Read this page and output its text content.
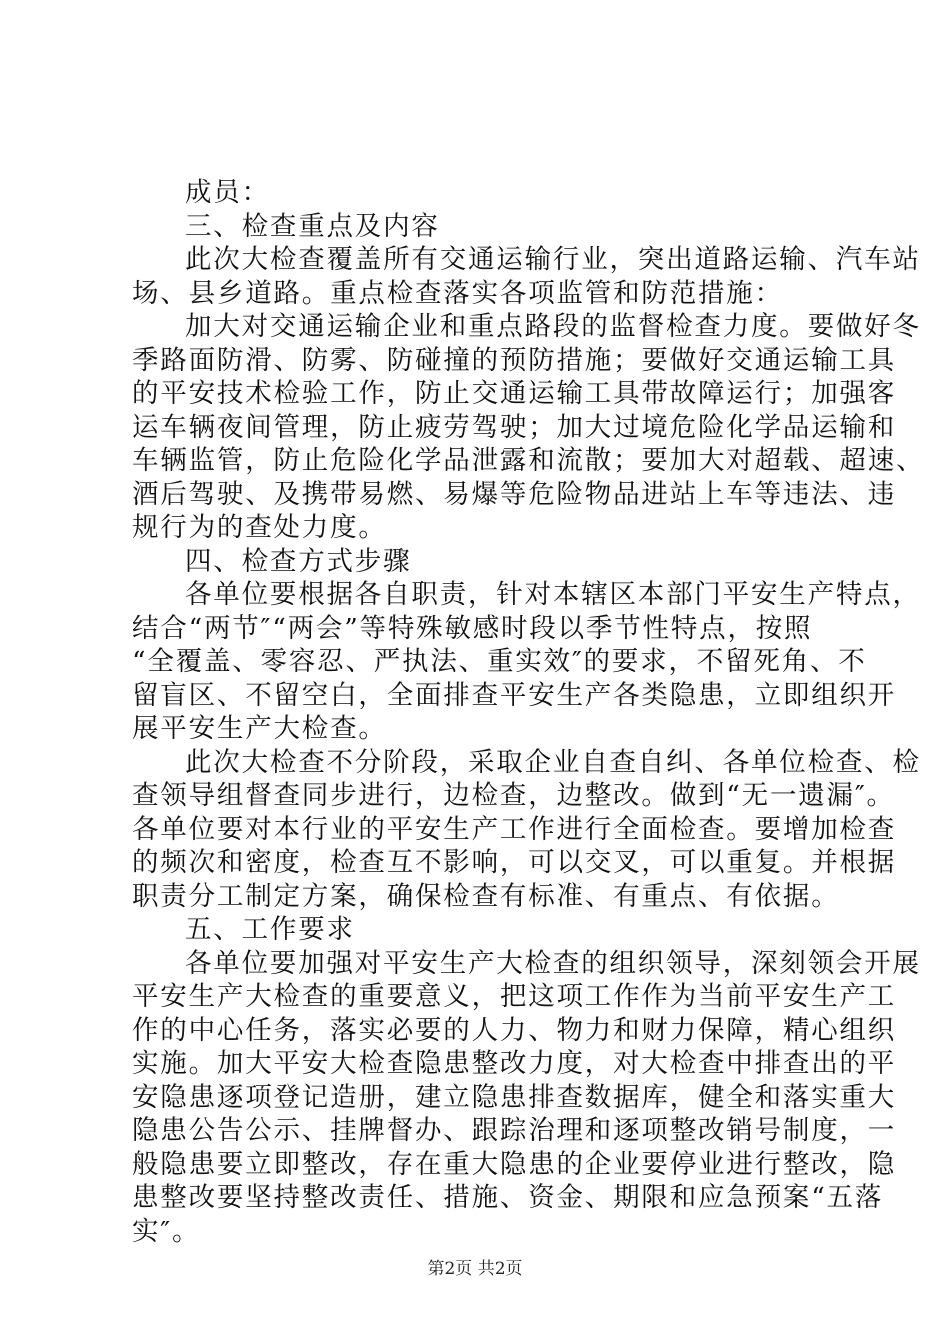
成员：
三、检查重点及内容
此次大检查覆盖所有交通运输行业，突出道路运输、汽车站
场、县乡道路。重点检查落实各项监管和防范措施：
加大对交通运输企业和重点路段的监督检查力度。要做好冬
季路面防滑、防雾、防碰撞的预防措施；要做好交通运输工具
的平安技术检验工作，防止交通运输工具带故障运行；加强客
运车辆夜间管理，防止疲劳驾驶；加大过境危险化学品运输和
车辆监管，防止危险化学品泄露和流散；要加大对超载、超速、
酒后驾驶、及携带易燃、易爆等危险物品进站上车等违法、违
规行为的查处力度。
四、检查方式步骤
各单位要根据各自职责，针对本辖区本部门平安生产特点，
结合“两节″“两会”等特殊敏感时段以季节性特点，按照
“全覆盖、零容忍、严执法、重实效″的要求，不留死角、不
留盲区、不留空白，全面排查平安生产各类隐患，立即组织开
展平安生产大检查。
此次大检查不分阶段，采取企业自查自纠、各单位检查、检
查领导组督查同步进行，边检查，边整改。做到“无一遗漏″。
各单位要对本行业的平安生产工作进行全面检查。要增加检查
的频次和密度，检查互不影响，可以交叉，可以重复。并根据
职责分工制定方案，确保检查有标准、有重点、有依据。
五、工作要求
各单位要加强对平安生产大检查的组织领导，深刻领会开展
平安生产大检查的重要意义，把这项工作作为当前平安生产工
作的中心任务，落实必要的人力、物力和财力保障，精心组织
实施。加大平安大检查隐患整改力度，对大检查中排查出的平
安隐患逐项登记造册，建立隐患排查数据库，健全和落实重大
隐患公告公示、挂牌督办、跟踪治理和逐项整改销号制度，一
般隐患要立即整改，存在重大隐患的企业要停业进行整改，隐
患整改要坚持整改责任、措施、资金、期限和应急预案“五落
实″。
第2页 共2页
